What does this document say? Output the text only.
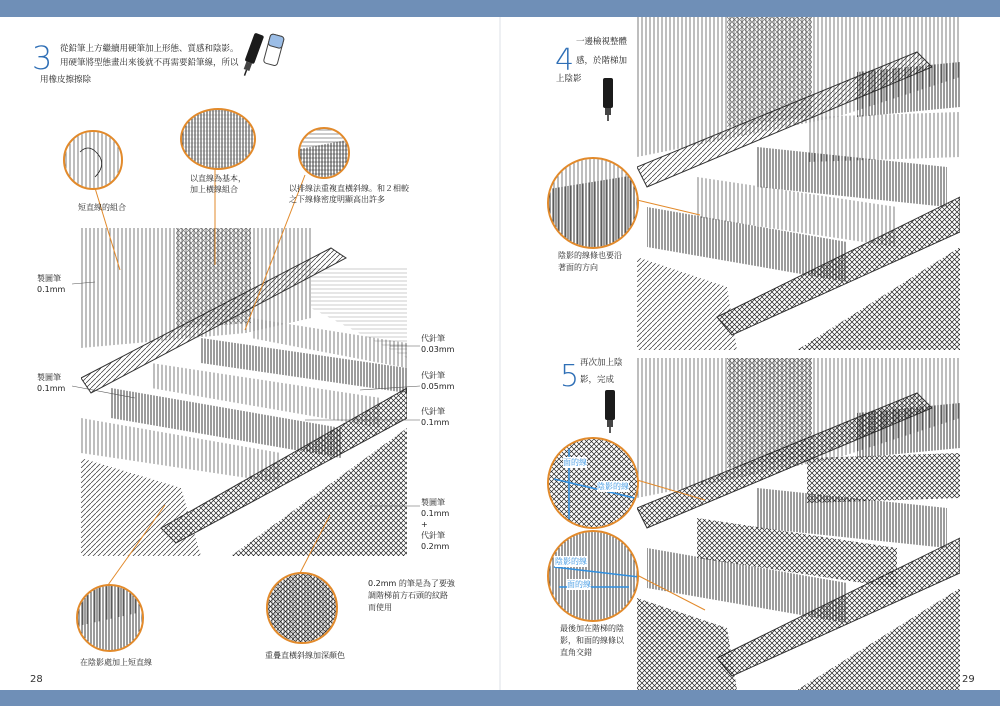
3 從鉛筆上方繼續用硬筆加上形態、質感和陰影。
用硬筆將型態畫出來後就不再需要鉛筆線，所以
用橡皮擦擦除
短直線的組合
以直線為基本，
加上橫線組合	以排線法重複直橫斜線。和２相較
之下線條密度明顯高出許多
在陰影處加上短直線
重疊直橫斜線加深顏色
0.2mm 的筆是為了要強
調階梯前方石頭的紋路
而使用
製圖筆
0.1mm
製圖筆
0.1mm
代針筆
0.03mm
代針筆
0.05mm
代針筆
0.1mm
製圖筆
0.1mm
+
代針筆
0.2mm
28
4
一邊檢視整體
感，於階梯加
上陰影
陰影的線條也要沿
著面的方向
5 再次加上陰
影，完成
面的線
陰影的線
陰影的線
面的線
最後加在階梯的陰
影，和面的線條以
直角交錯
29
